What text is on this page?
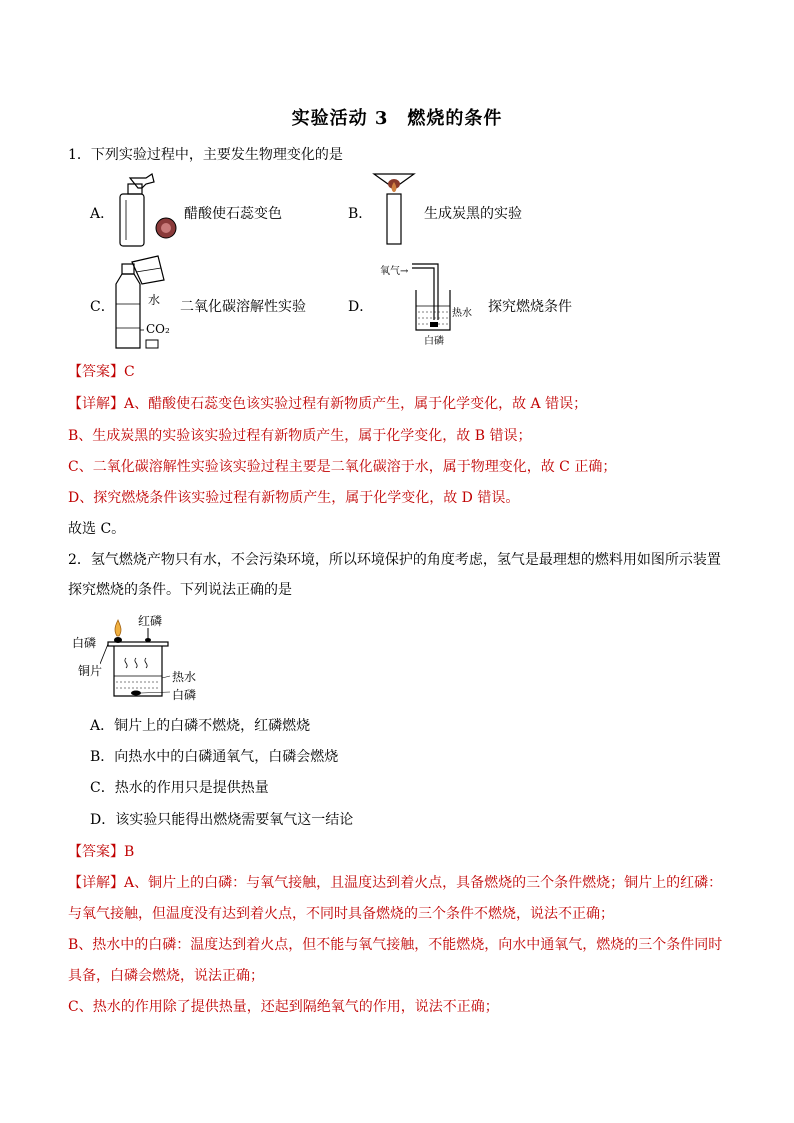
实验活动 3　燃烧的条件
1．下列实验过程中，主要发生物理变化的是
A．	醋酸使石蕊变色	B．	生成炭黑的实验
C．	水
CO₂
二氧化碳溶解性实验	D．
氧气→
热水
白磷
探究燃烧条件
【答案】C
【详解】A、醋酸使石蕊变色该实验过程有新物质产生，属于化学变化，故 A 错误；
B、生成炭黑的实验该实验过程有新物质产生，属于化学变化，故 B 错误；
C、二氧化碳溶解性实验该实验过程主要是二氧化碳溶于水，属于物理变化，故 C 正确；
D、探究燃烧条件该实验过程有新物质产生，属于化学变化，故 D 错误。
故选 C。
2．氢气燃烧产物只有水，不会污染环境，所以环境保护的角度考虑，氢气是最理想的燃料用如图所示装置
探究燃烧的条件。下列说法正确的是
红磷
白磷
铜片	热水
白磷
A．铜片上的白磷不燃烧，红磷燃烧
B．向热水中的白磷通氧气，白磷会燃烧
C．热水的作用只是提供热量
D．该实验只能得出燃烧需要氧气这一结论
【答案】B
【详解】A、铜片上的白磷：与氧气接触，且温度达到着火点，具备燃烧的三个条件燃烧；铜片上的红磷：
与氧气接触，但温度没有达到着火点，不同时具备燃烧的三个条件不燃烧，说法不正确；
B、热水中的白磷：温度达到着火点，但不能与氧气接触，不能燃烧，向水中通氧气，燃烧的三个条件同时
具备，白磷会燃烧，说法正确；
C、热水的作用除了提供热量，还起到隔绝氧气的作用，说法不正确；
